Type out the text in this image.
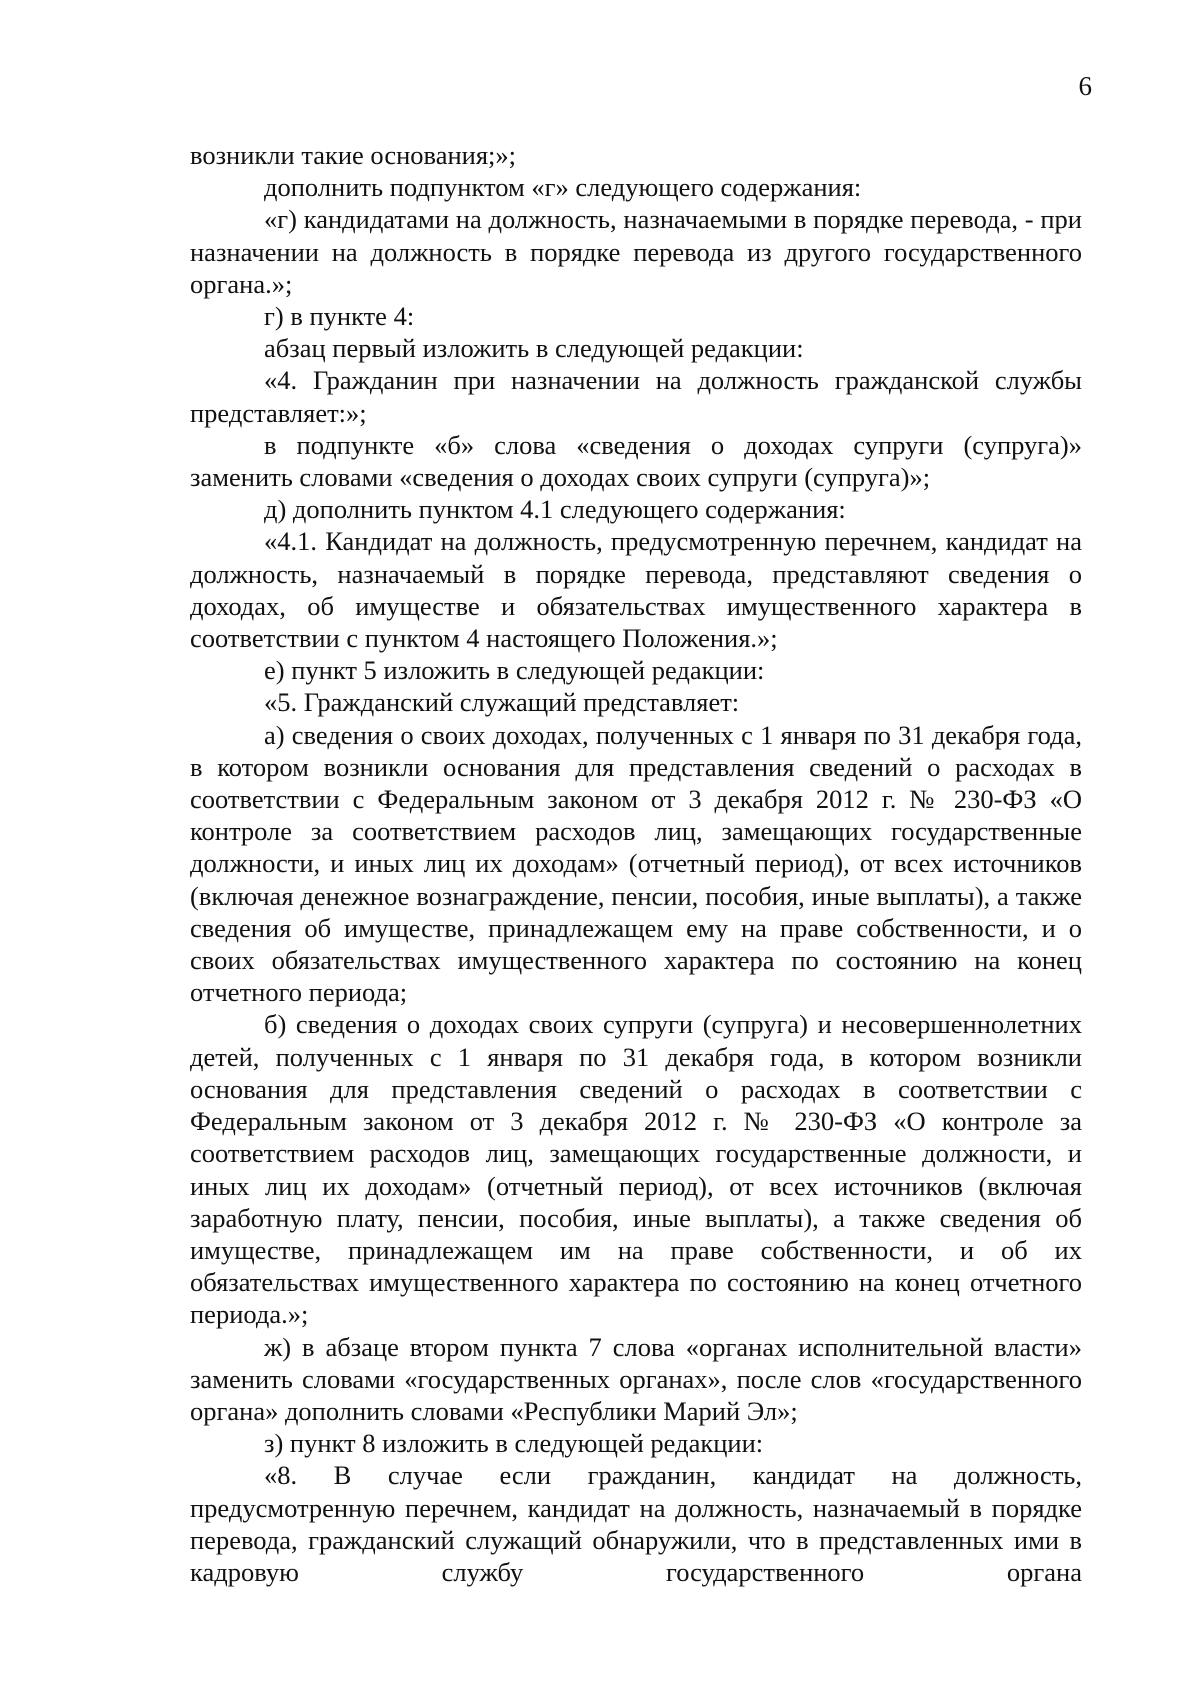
6

возникли такие основания;»;

дополнить подпунктом «г» следующего содержания:

«г) кандидатами на должность, назначаемыми в порядке перевода, - при назначении на должность в порядке перевода из другого государственного органа.»;

г) в пункте 4:

абзац первый изложить в следующей редакции:

«4. Гражданин при назначении на должность гражданской службы представляет:»;

в подпункте «б» слова «сведения о доходах супруги (супруга)» заменить словами «сведения о доходах своих супруги (супруга)»;

д) дополнить пунктом 4.1 следующего содержания:

«4.1. Кандидат на должность, предусмотренную перечнем, кандидат на должность, назначаемый в порядке перевода, представляют сведения о доходах, об имуществе и обязательствах имущественного характера в соответствии с пунктом 4 настоящего Положения.»;

е) пункт 5 изложить в следующей редакции:

«5. Гражданский служащий представляет:

а) сведения о своих доходах, полученных с 1 января по 31 декабря года, в котором возникли основания для представления сведений о расходах в соответствии с Федеральным законом от 3 декабря 2012 г. № 230-ФЗ «О контроле за соответствием расходов лиц, замещающих государственные должности, и иных лиц их доходам» (отчетный период), от всех источников (включая денежное вознаграждение, пенсии, пособия, иные выплаты), а также сведения об имуществе, принадлежащем ему на праве собственности, и о своих обязательствах имущественного характера по состоянию на конец отчетного периода;

б) сведения о доходах своих супруги (супруга) и несовершеннолетних детей, полученных с 1 января по 31 декабря года, в котором возникли основания для представления сведений о расходах в соответствии с Федеральным законом от 3 декабря 2012 г. № 230-ФЗ «О контроле за соответствием расходов лиц, замещающих государственные должности, и иных лиц их доходам» (отчетный период), от всех источников (включая заработную плату, пенсии, пособия, иные выплаты), а также сведения об имуществе, принадлежащем им на праве собственности, и об их обязательствах имущественного характера по состоянию на конец отчетного периода.»;

ж) в абзаце втором пункта 7 слова «органах исполнительной власти» заменить словами «государственных органах», после слов «государственного органа» дополнить словами «Республики Марий Эл»;

з) пункт 8 изложить в следующей редакции:

«8. В случае если гражданин, кандидат на должность, предусмотренную перечнем, кандидат на должность, назначаемый в порядке перевода, гражданский служащий обнаружили, что в представленных ими в кадровую службу государственного органа
